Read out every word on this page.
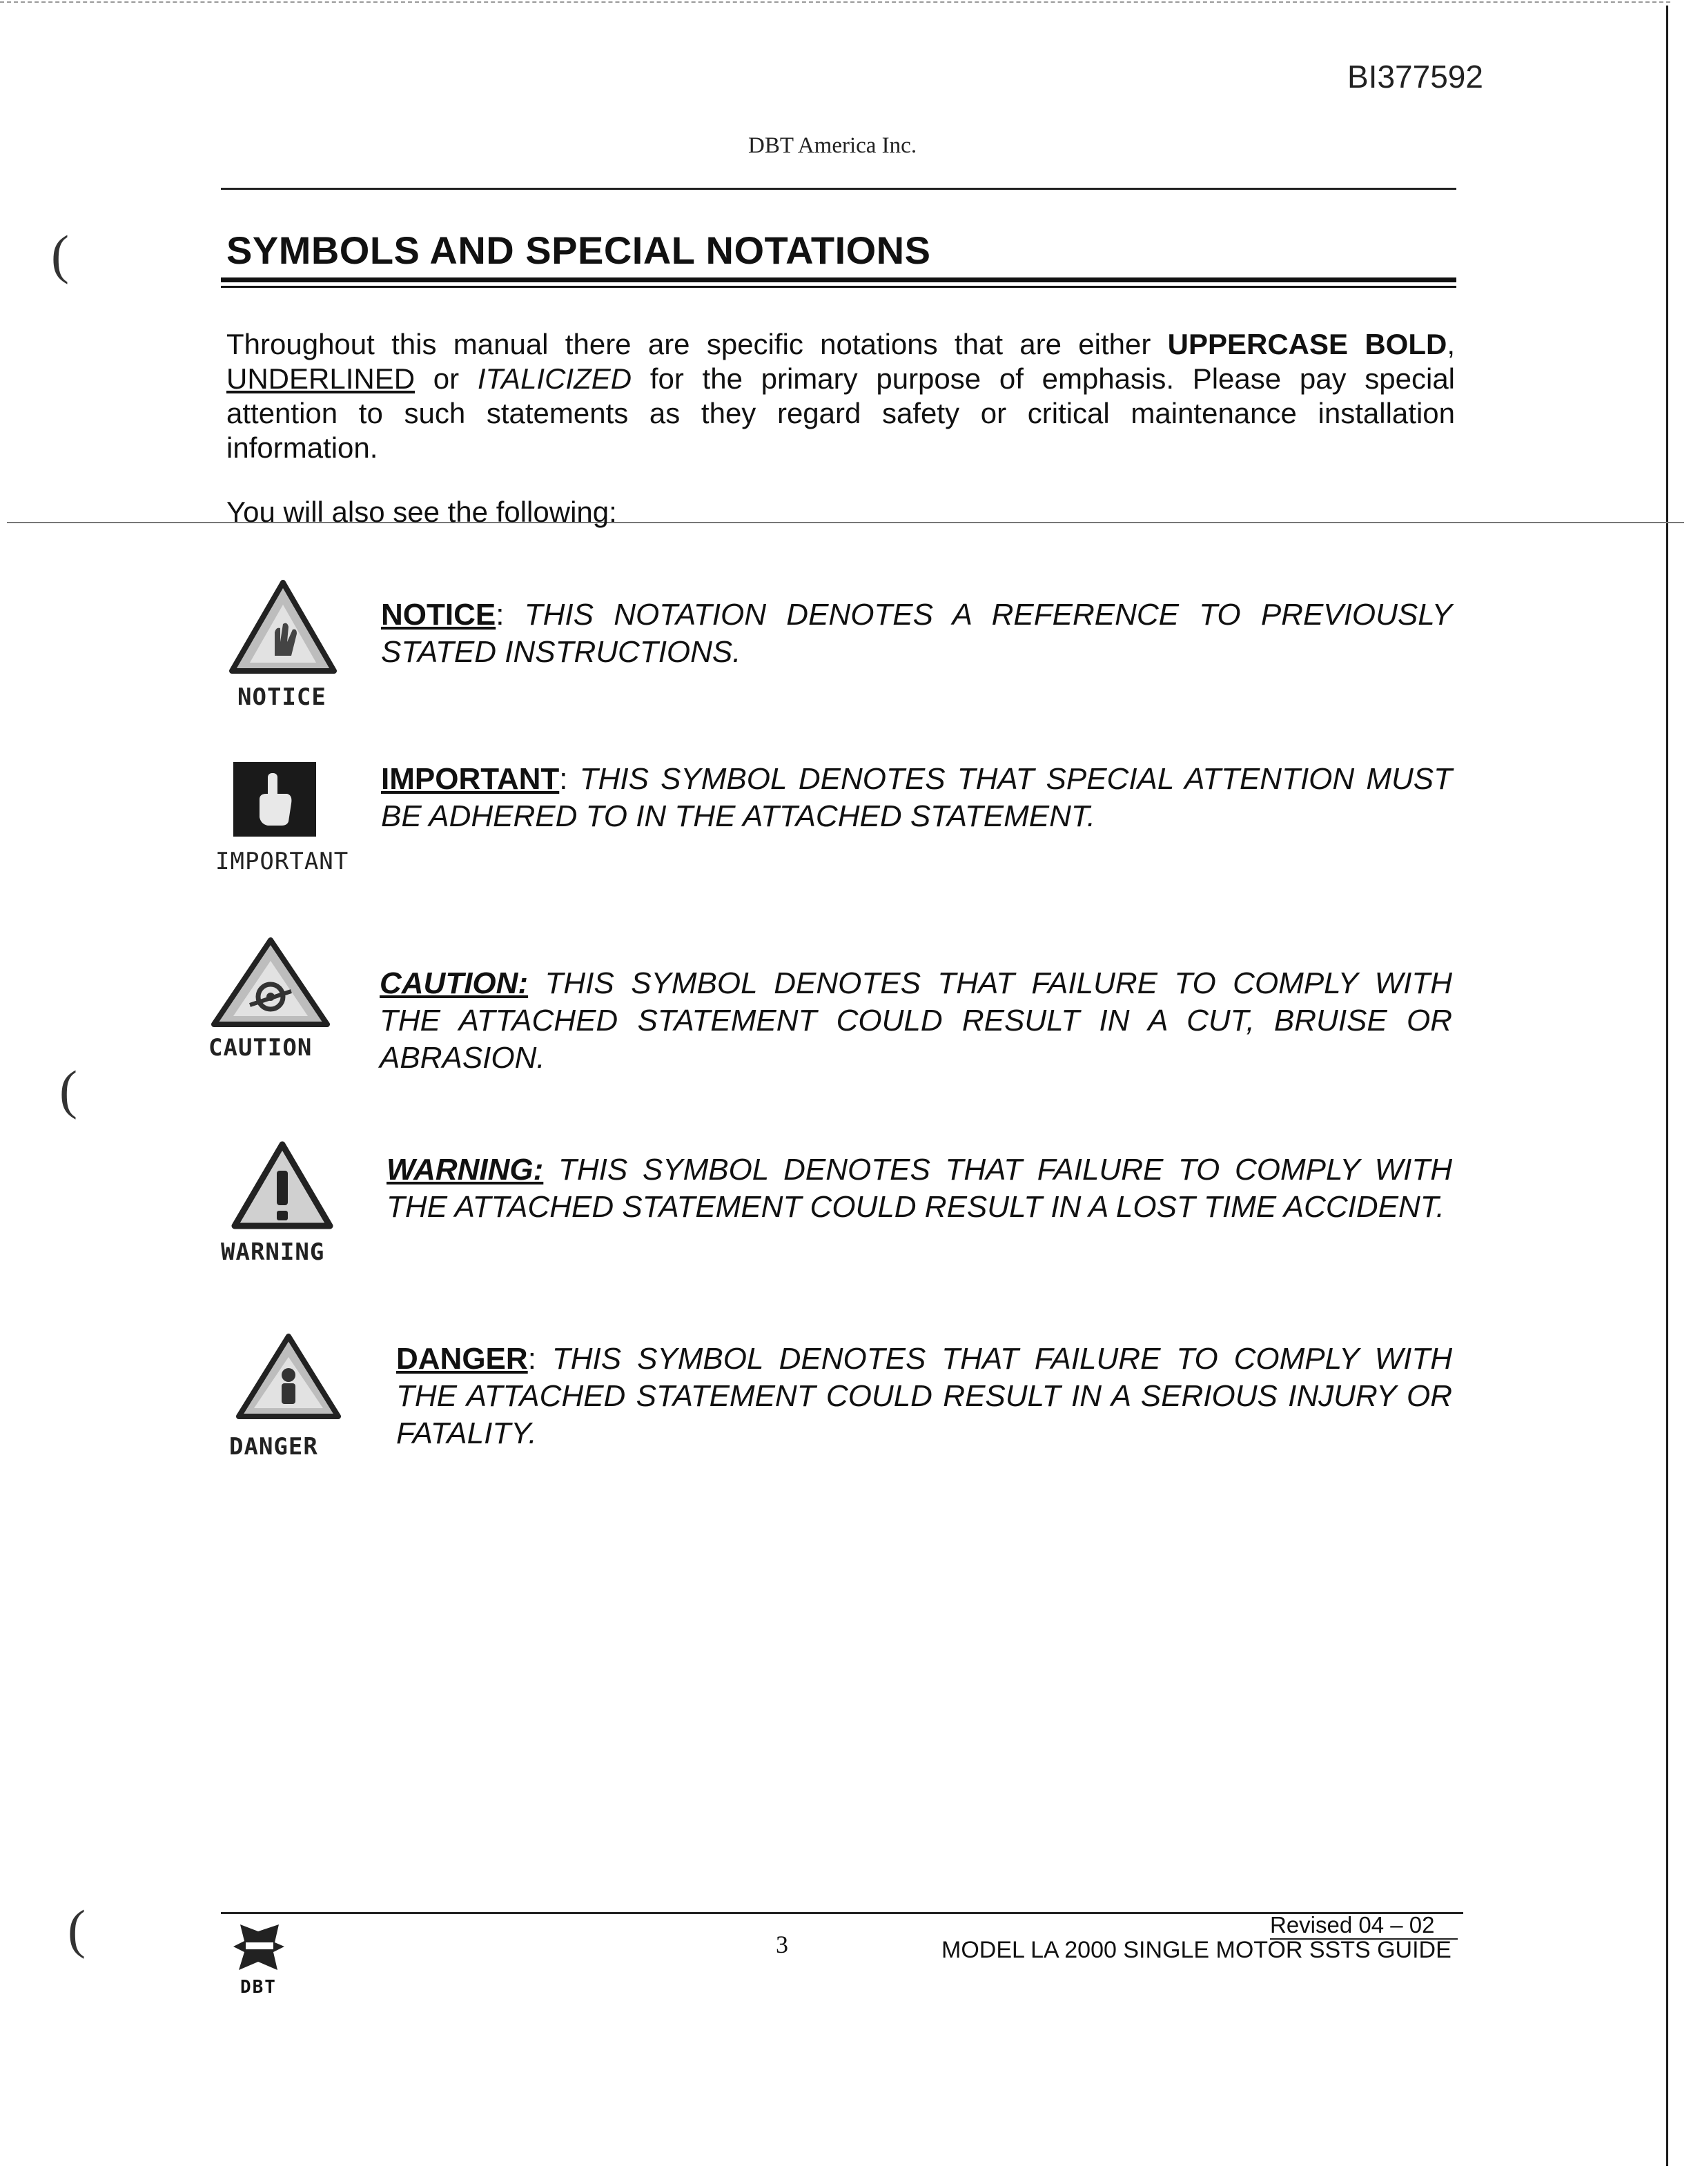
(
(
(
BI377592
DBT America Inc.
SYMBOLS AND SPECIAL NOTATIONS
Throughout this manual there are specific notations that are either UPPERCASE BOLD, UNDERLINED or ITALICIZED for the primary purpose of emphasis. Please pay special attention to such statements as they regard safety or critical maintenance installation information.
You will also see the following:
NOTICE
NOTICE: THIS NOTATION DENOTES A REFERENCE TO PREVIOUSLY STATED INSTRUCTIONS.
IMPORTANT
IMPORTANT: THIS SYMBOL DENOTES THAT SPECIAL ATTENTION MUST BE ADHERED TO IN THE ATTACHED STATEMENT.
CAUTION
CAUTION: THIS SYMBOL DENOTES THAT FAILURE TO COMPLY WITH THE ATTACHED STATEMENT COULD RESULT IN A CUT, BRUISE OR ABRASION.
WARNING
WARNING: THIS SYMBOL DENOTES THAT FAILURE TO COMPLY WITH THE ATTACHED STATEMENT COULD RESULT IN A LOST TIME ACCIDENT.
DANGER
DANGER: THIS SYMBOL DENOTES THAT FAILURE TO COMPLY WITH THE ATTACHED STATEMENT COULD RESULT IN A SERIOUS INJURY OR FATALITY.
DBT
3
Revised 04 – 02
MODEL LA 2000 SINGLE MOTOR SSTS GUIDE
